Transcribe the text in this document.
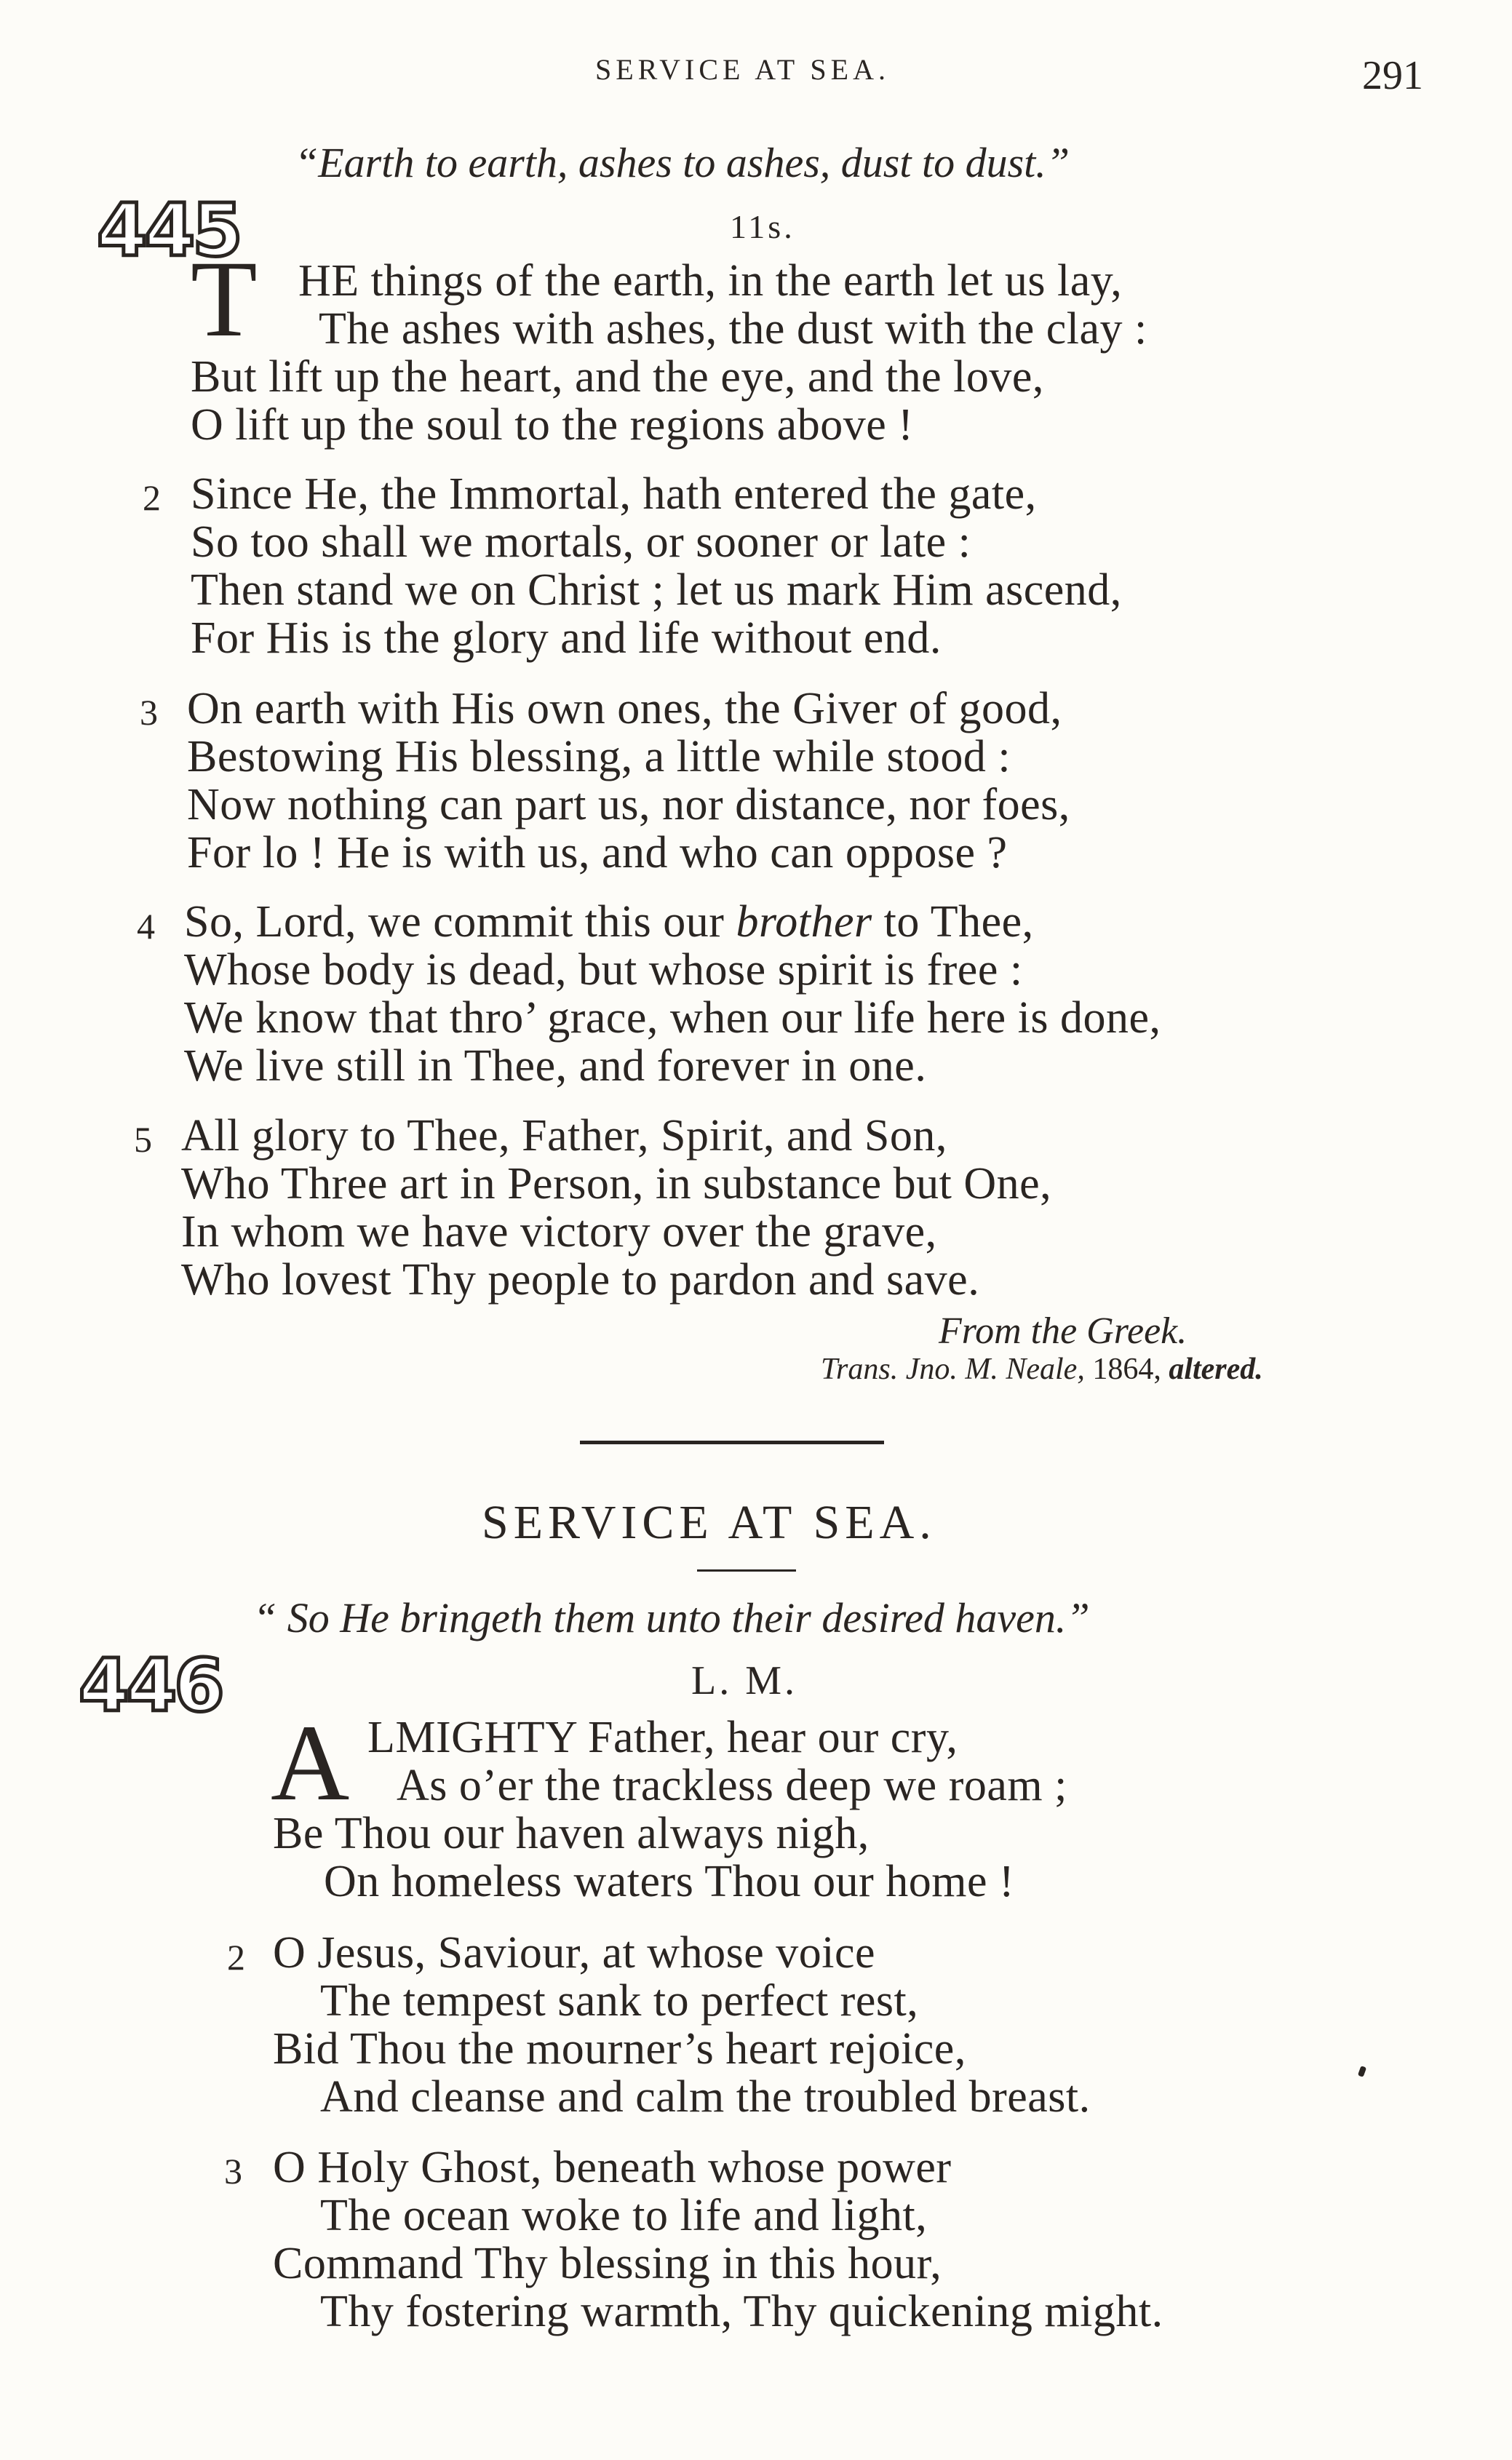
SERVICE AT SEA.	291
“Earth to earth, ashes to ashes, dust to dust.”
445	11s.
T HE things of the earth, in the earth let us lay,
The ashes with ashes, the dust with the clay :
But lift up the heart, and the eye, and the love,
O lift up the soul to the regions above !
2 Since He, the Immortal, hath entered the gate,
So too shall we mortals, or sooner or late :
Then stand we on Christ ; let us mark Him ascend,
For His is the glory and life without end.
3 On earth with His own ones, the Giver of good,
Bestowing His blessing, a little while stood :
Now nothing can part us, nor distance, nor foes,
For lo ! He is with us, and who can oppose ?
4 So, Lord, we commit this our brother to Thee,
Whose body is dead, but whose spirit is free :
We know that thro’ grace, when our life here is done,
We live still in Thee, and forever in one.
5 All glory to Thee, Father, Spirit, and Son,
Who Three art in Person, in substance but One,
In whom we have victory over the grave,
Who lovest Thy people to pardon and save.
From the Greek.
Trans. Jno. M. Neale, 1864, altered.
SERVICE AT SEA.
“ So He bringeth them unto their desired haven.”
446	L. M.
A LMIGHTY Father, hear our cry,
As o’er the trackless deep we roam ;
Be Thou our haven always nigh,
On homeless waters Thou our home !
2 O Jesus, Saviour, at whose voice
The tempest sank to perfect rest,
Bid Thou the mourner’s heart rejoice,
And cleanse and calm the troubled breast.
3 O Holy Ghost, beneath whose power
The ocean woke to life and light,
Command Thy blessing in this hour,
Thy fostering warmth, Thy quickening might.
